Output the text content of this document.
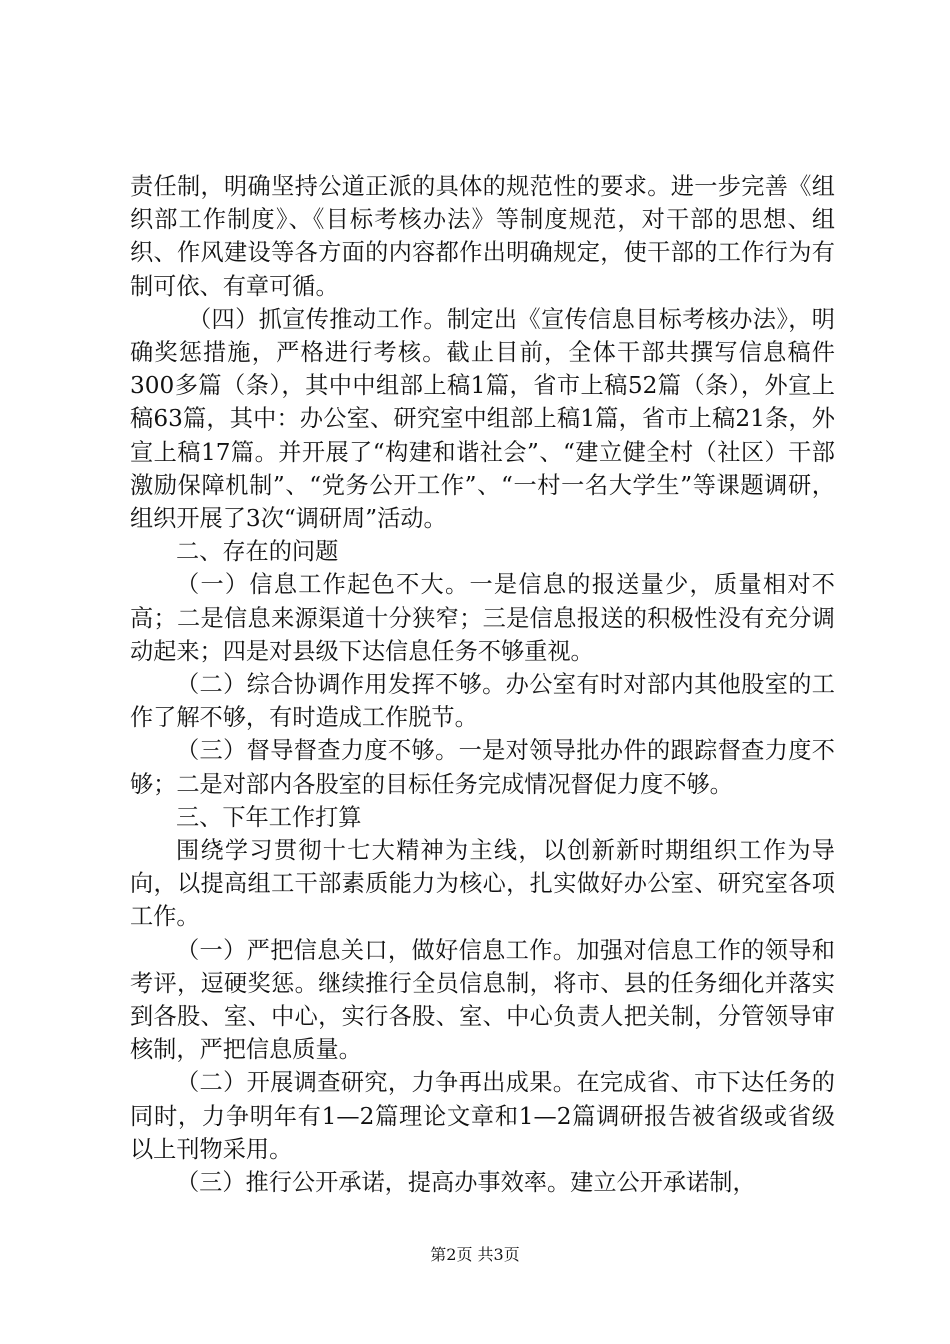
责任制，明确坚持公道正派的具体的规范性的要求。进一步完善《组织部工作制度》、《目标考核办法》等制度规范，对干部的思想、组织、作风建设等各方面的内容都作出明确规定，使干部的工作行为有制可依、有章可循。

（四）抓宣传推动工作。制定出《宣传信息目标考核办法》，明确奖惩措施，严格进行考核。截止目前，全体干部共撰写信息稿件300多篇（条），其中中组部上稿1篇，省市上稿52篇（条），外宣上稿63篇，其中：办公室、研究室中组部上稿1篇，省市上稿21条，外宣上稿17篇。并开展了“构建和谐社会”、“建立健全村（社区）干部激励保障机制”、“党务公开工作”、“一村一名大学生”等课题调研，组织开展了3次“调研周”活动。

二、存在的问题

（一）信息工作起色不大。一是信息的报送量少，质量相对不高；二是信息来源渠道十分狭窄；三是信息报送的积极性没有充分调动起来；四是对县级下达信息任务不够重视。

（二）综合协调作用发挥不够。办公室有时对部内其他股室的工作了解不够，有时造成工作脱节。

（三）督导督查力度不够。一是对领导批办件的跟踪督查力度不够；二是对部内各股室的目标任务完成情况督促力度不够。

三、下年工作打算

围绕学习贯彻十七大精神为主线，以创新新时期组织工作为导向，以提高组工干部素质能力为核心，扎实做好办公室、研究室各项工作。

（一）严把信息关口，做好信息工作。加强对信息工作的领导和考评，逗硬奖惩。继续推行全员信息制，将市、县的任务细化并落实到各股、室、中心，实行各股、室、中心负责人把关制，分管领导审核制，严把信息质量。

（二）开展调查研究，力争再出成果。在完成省、市下达任务的同时，力争明年有1—2篇理论文章和1—2篇调研报告被省级或省级以上刊物采用。

（三）推行公开承诺，提高办事效率。建立公开承诺制，

第2页 共3页
